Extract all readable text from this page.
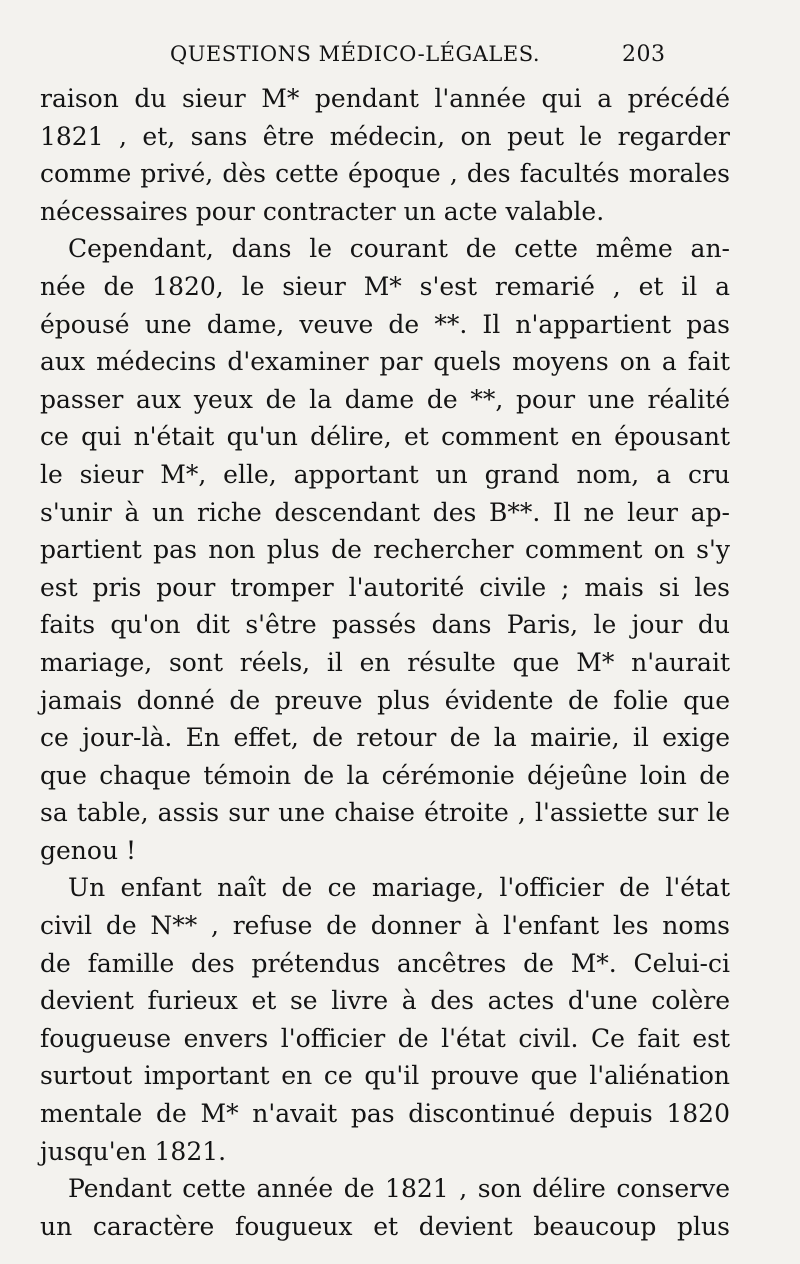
QUESTIONS MÉDICO-LÉGALES.	203
raison du sieur M* pendant l'année qui a précédé
1821 , et, sans être médecin, on peut le regarder
comme privé, dès cette époque , des facultés morales
nécessaires pour contracter un acte valable.
Cependant, dans le courant de cette même an-
née de 1820, le sieur M* s'est remarié , et il a
épousé une dame, veuve de **. Il n'appartient pas
aux médecins d'examiner par quels moyens on a fait
passer aux yeux de la dame de **, pour une réalité
ce qui n'était qu'un délire, et comment en épousant
le sieur M*, elle, apportant un grand nom, a cru
s'unir à un riche descendant des B**. Il ne leur ap-
partient pas non plus de rechercher comment on s'y
est pris pour tromper l'autorité civile ; mais si les
faits qu'on dit s'être passés dans Paris, le jour du
mariage, sont réels, il en résulte que M* n'aurait
jamais donné de preuve plus évidente de folie que
ce jour-là. En effet, de retour de la mairie, il exige
que chaque témoin de la cérémonie déjeûne loin de
sa table, assis sur une chaise étroite , l'assiette sur le
genou !
Un enfant naît de ce mariage, l'officier de l'état
civil de N** , refuse de donner à l'enfant les noms
de famille des prétendus ancêtres de M*. Celui-ci
devient furieux et se livre à des actes d'une colère
fougueuse envers l'officier de l'état civil. Ce fait est
surtout important en ce qu'il prouve que l'aliénation
mentale de M* n'avait pas discontinué depuis 1820
jusqu'en 1821.
Pendant cette année de 1821 , son délire conserve
un caractère fougueux et devient beaucoup plus
